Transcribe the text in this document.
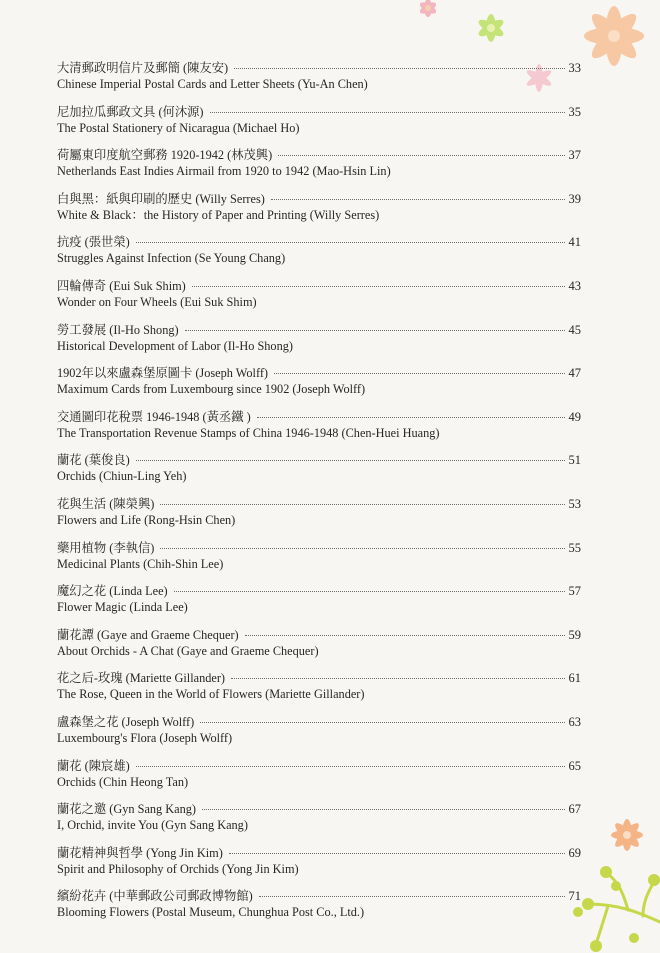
大清郵政明信片及郵簡 (陳友安)	33
Chinese Imperial Postal Cards and Letter Sheets (Yu-An Chen)
尼加拉瓜郵政文具 (何沐源)	35
The Postal Stationery of Nicaragua (Michael Ho)
荷屬東印度航空郵務 1920-1942 (林茂興)	37
Netherlands East Indies Airmail from 1920 to 1942 (Mao-Hsin Lin)
白與黑：紙與印刷的歷史 (Willy Serres)	39
White & Black：the History of Paper and Printing (Willy Serres)
抗疫 (張世榮)	41
Struggles Against Infection (Se Young Chang)
四輪傳奇 (Eui Suk Shim)	43
Wonder on Four Wheels (Eui Suk Shim)
勞工發展 (Il-Ho Shong)	45
Historical Development of Labor (Il-Ho Shong)
1902年以來盧森堡原圖卡 (Joseph Wolff)	47
Maximum Cards from Luxembourg since 1902 (Joseph Wolff)
交通圖印花稅票 1946-1948 (黃丞鐵 )	49
The Transportation Revenue Stamps of China 1946-1948 (Chen-Huei Huang)
蘭花 (葉俊良)	51
Orchids (Chiun-Ling Yeh)
花與生活 (陳榮興)	53
Flowers and Life (Rong-Hsin Chen)
藥用植物 (李執信)	55
Medicinal Plants (Chih-Shin Lee)
魔幻之花 (Linda Lee)	57
Flower Magic (Linda Lee)
蘭花譚 (Gaye and Graeme Chequer)	59
About Orchids - A Chat (Gaye and Graeme Chequer)
花之后-玫瑰 (Mariette Gillander)	61
The Rose, Queen in the World of Flowers (Mariette Gillander)
盧森堡之花 (Joseph Wolff)	63
Luxembourg's Flora (Joseph Wolff)
蘭花 (陳宸雄)	65
Orchids (Chin Heong Tan)
蘭花之邀 (Gyn Sang Kang)	67
I, Orchid, invite You (Gyn Sang Kang)
蘭花精神與哲學 (Yong Jin Kim)	69
Spirit and Philosophy of Orchids (Yong Jin Kim)
繽紛花卉 (中華郵政公司郵政博物館)	71
Blooming Flowers (Postal Museum, Chunghua Post Co., Ltd.)
